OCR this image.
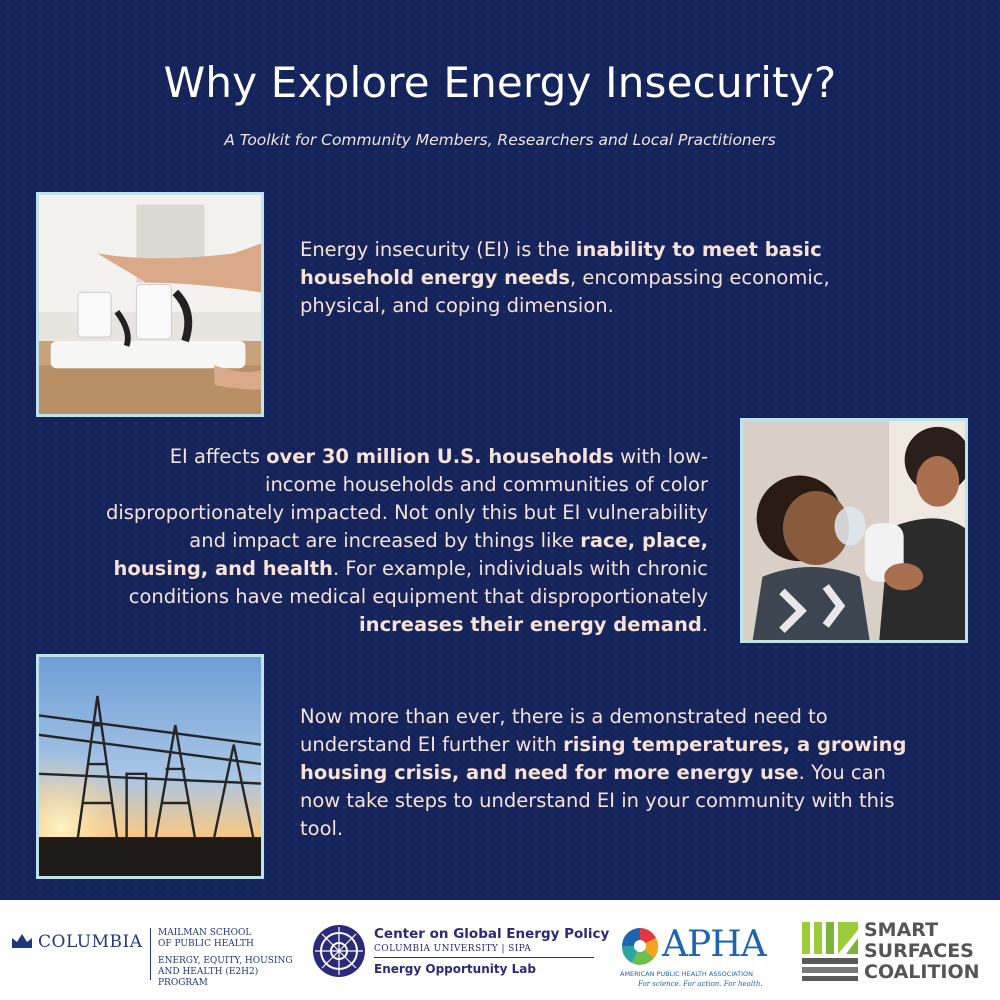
Why Explore Energy Insecurity?
A Toolkit for Community Members, Researchers and Local Practitioners
Energy insecurity (EI) is the inability to meet basic household energy needs, encompassing economic, physical, and coping dimension.
EI affects over 30 million U.S. households with low-income households and communities of color disproportionately impacted. Not only this but EI vulnerability and impact are increased by things like race, place, housing, and health. For example, individuals with chronic conditions have medical equipment that disproportionately increases their energy demand.
Now more than ever, there is a demonstrated need to understand EI further with rising temperatures, a growing housing crisis, and need for more energy use. You can now take steps to understand EI in your community with this tool.
COLUMBIA MAILMAN SCHOOL
OF PUBLIC HEALTH
ENERGY, EQUITY, HOUSING
AND HEALTH (E2H2) PROGRAM
Center on Global Energy Policy
COLUMBIA UNIVERSITY | SIPA
Energy Opportunity Lab
APHA
AMERICAN PUBLIC HEALTH ASSOCIATION
For science. For action. For health.
SMART
SURFACES
COALITION
